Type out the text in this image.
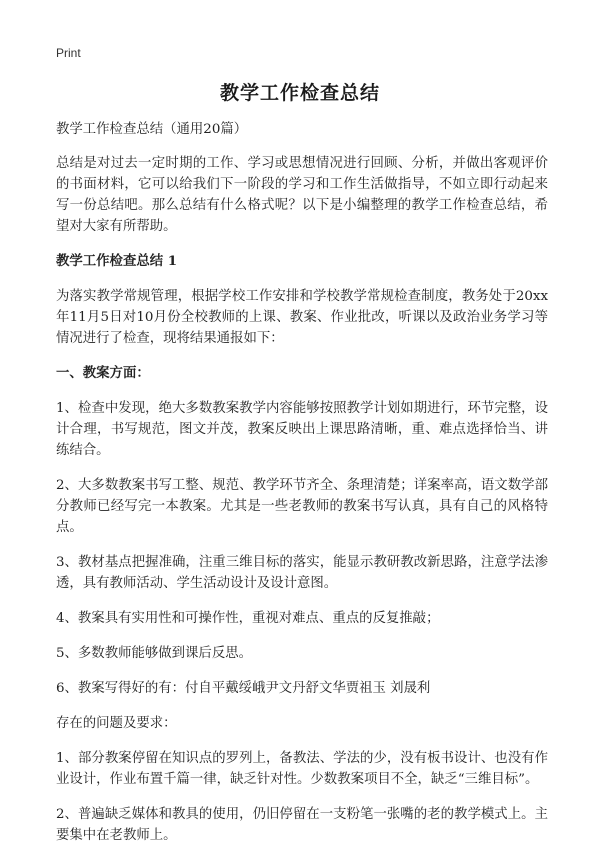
Print
教学工作检查总结

教学工作检查总结（通用20篇）

总结是对过去一定时期的工作、学习或思想情况进行回顾、分析，并做出客观评价的书面材料，它可以给我们下一阶段的学习和工作生活做指导，不如立即行动起来写一份总结吧。那么总结有什么格式呢？以下是小编整理的教学工作检查总结，希望对大家有所帮助。

教学工作检查总结 1

为落实教学常规管理，根据学校工作安排和学校教学常规检查制度，教务处于20xx年11月5日对10月份全校教师的上课、教案、作业批改，听课以及政治业务学习等情况进行了检查，现将结果通报如下：

一、教案方面：

1、检查中发现，绝大多数教案教学内容能够按照教学计划如期进行，环节完整，设计合理，书写规范，图文并茂，教案反映出上课思路清晰，重、难点选择恰当、讲练结合。

2、大多数教案书写工整、规范、教学环节齐全、条理清楚；详案率高，语文数学部分教师已经写完一本教案。尤其是一些老教师的教案书写认真，具有自己的风格特点。

3、教材基点把握准确，注重三维目标的落实，能显示教研教改新思路，注意学法渗透，具有教师活动、学生活动设计及设计意图。

4、教案具有实用性和可操作性，重视对难点、重点的反复推敲；

5、多数教师能够做到课后反思。

6、教案写得好的有：付自平戴绥峨尹文丹舒文华贾祖玉 刘晟利

存在的问题及要求：

1、部分教案停留在知识点的罗列上，备教法、学法的少，没有板书设计、也没有作业设计，作业布置千篇一律，缺乏针对性。少数教案项目不全，缺乏“三维目标”。

2、普遍缺乏媒体和教具的使用，仍旧停留在一支粉笔一张嘴的老的教学模式上。主要集中在老教师上。
